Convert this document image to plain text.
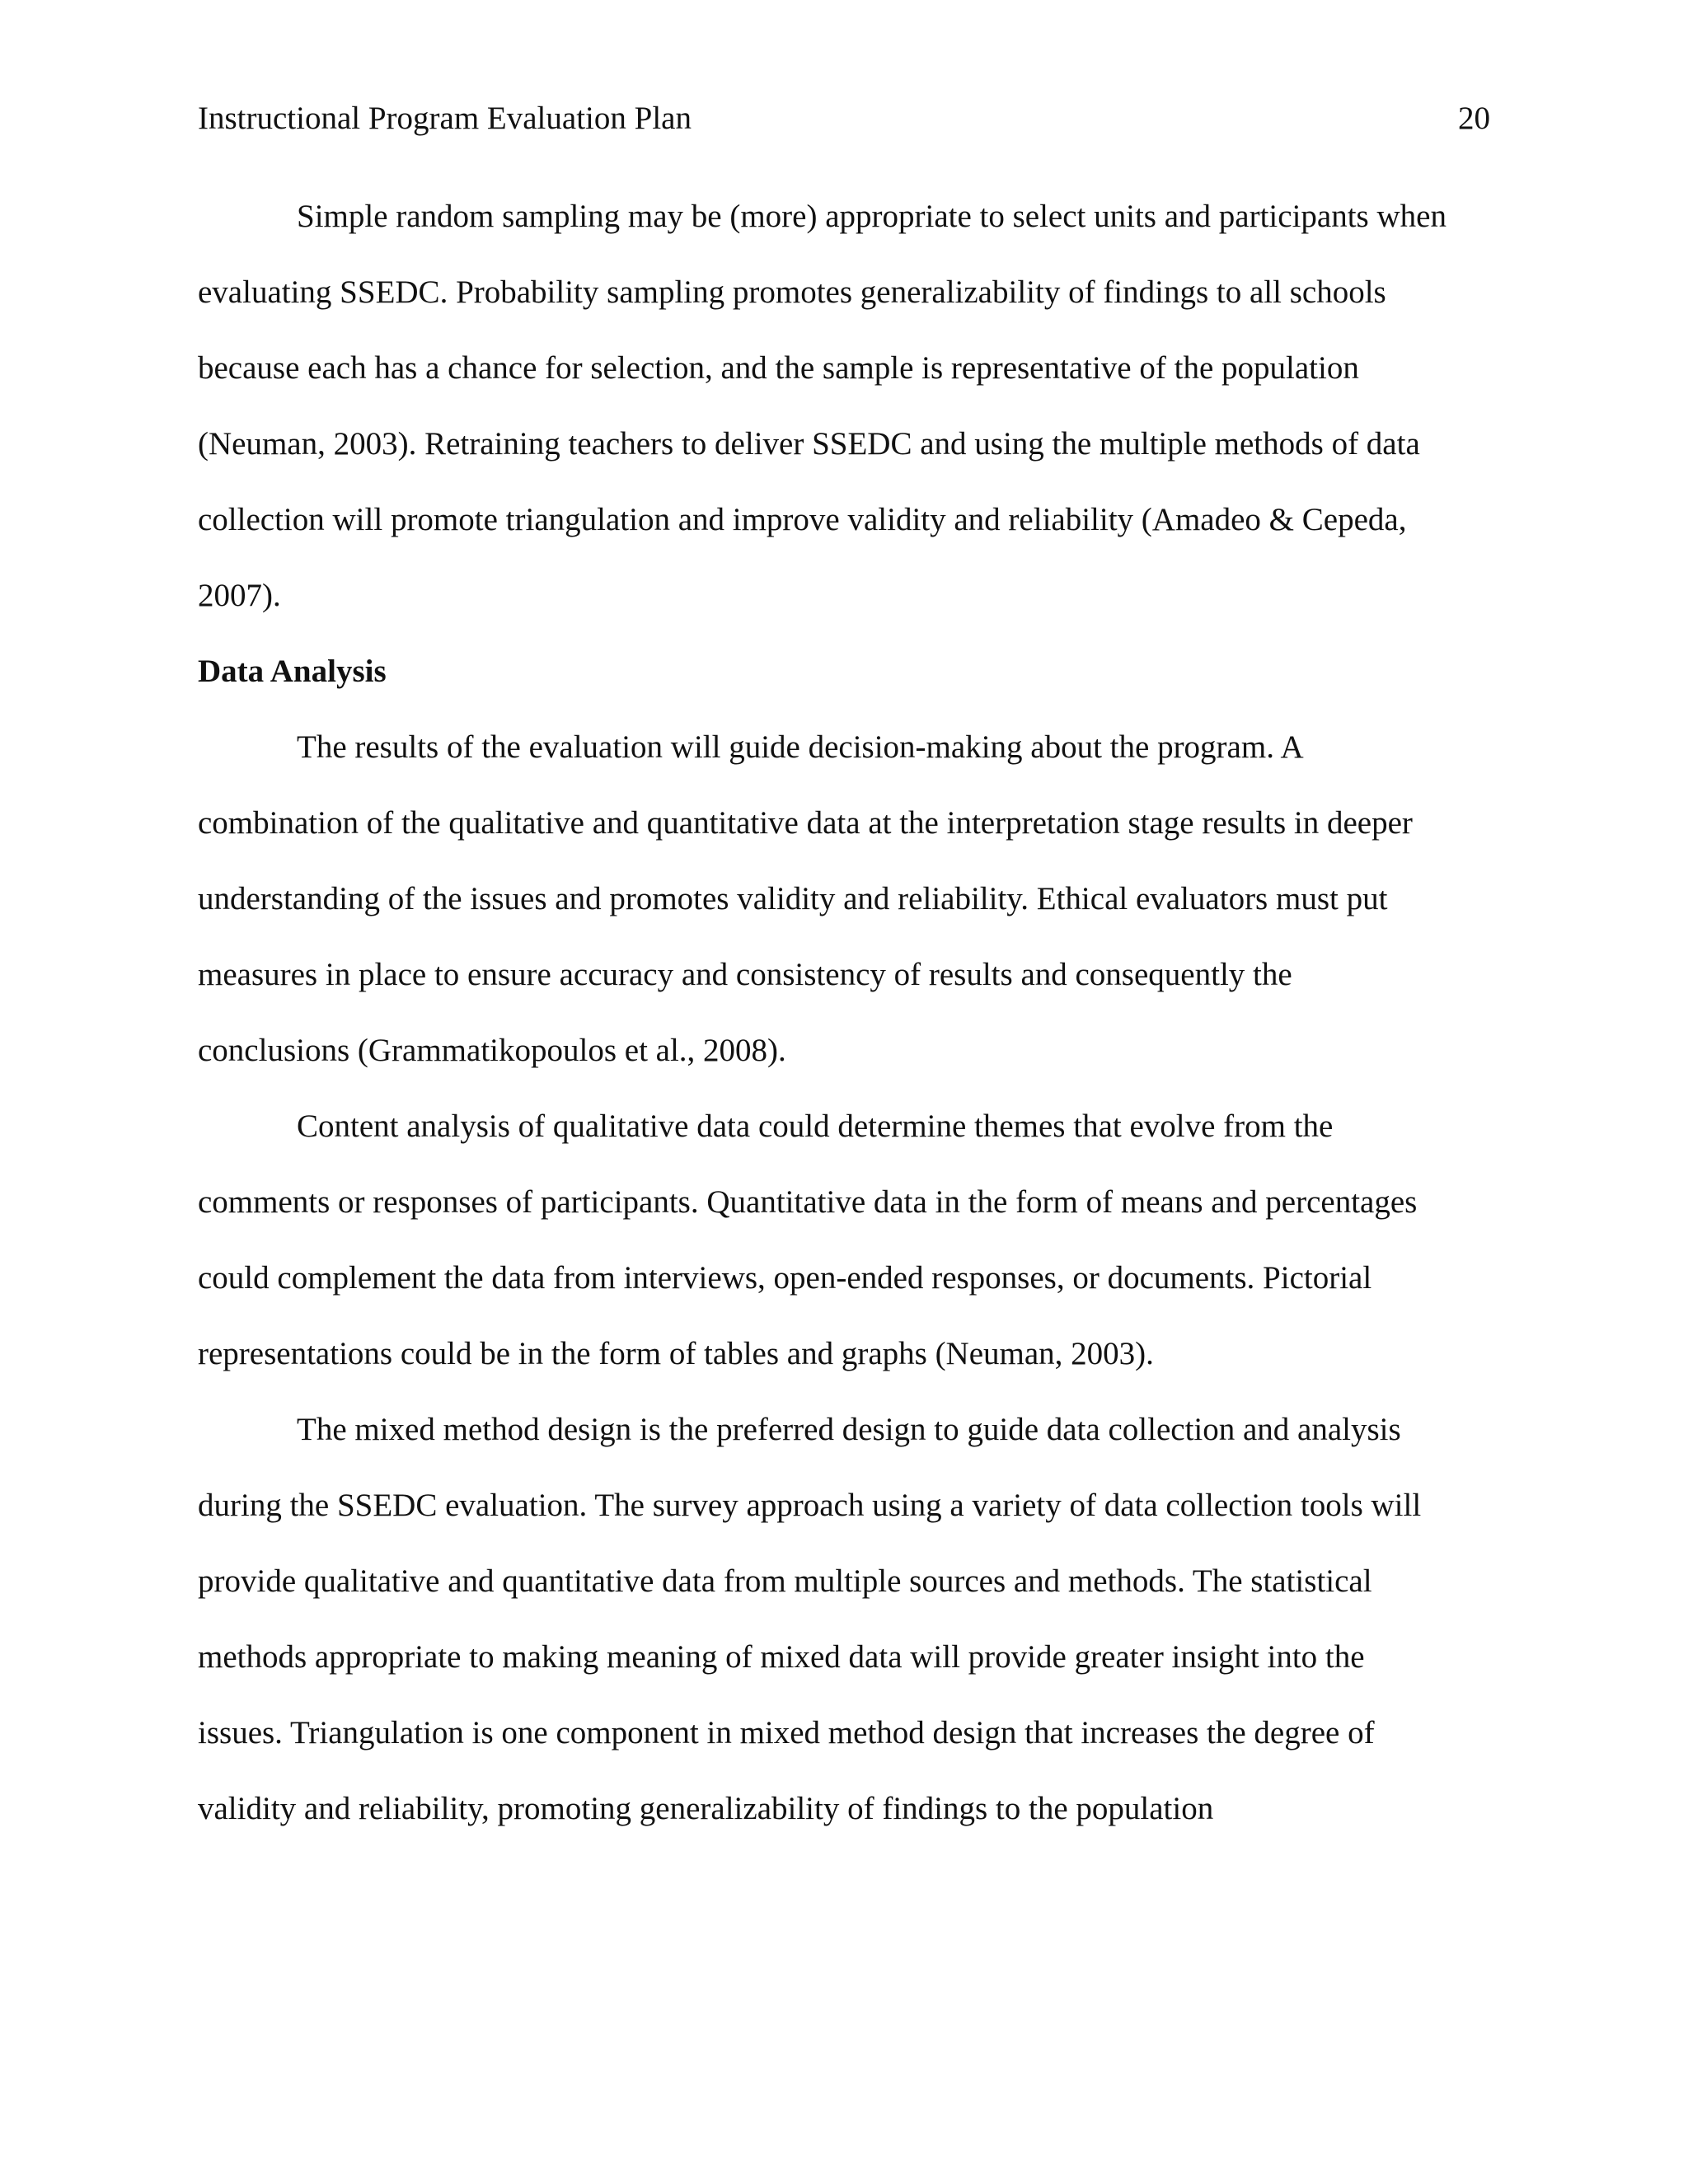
Instructional Program Evaluation Plan	20
Simple random sampling may be (more) appropriate to select units and participants when
evaluating SSEDC. Probability sampling promotes generalizability of findings to all schools
because each has a chance for selection, and the sample is representative of the population
(Neuman, 2003). Retraining teachers to deliver SSEDC and using the multiple methods of data
collection will promote triangulation and improve validity and reliability (Amadeo & Cepeda,
2007).
Data Analysis
The results of the evaluation will guide decision-making about the program. A
combination of the qualitative and quantitative data at the interpretation stage results in deeper
understanding of the issues and promotes validity and reliability. Ethical evaluators must put
measures in place to ensure accuracy and consistency of results and consequently the
conclusions (Grammatikopoulos et al., 2008).
Content analysis of qualitative data could determine themes that evolve from the
comments or responses of participants. Quantitative data in the form of means and percentages
could complement the data from interviews, open-ended responses, or documents. Pictorial
representations could be in the form of tables and graphs (Neuman, 2003).
The mixed method design is the preferred design to guide data collection and analysis
during the SSEDC evaluation. The survey approach using a variety of data collection tools will
provide qualitative and quantitative data from multiple sources and methods. The statistical
methods appropriate to making meaning of mixed data will provide greater insight into the
issues. Triangulation is one component in mixed method design that increases the degree of
validity and reliability, promoting generalizability of findings to the population
